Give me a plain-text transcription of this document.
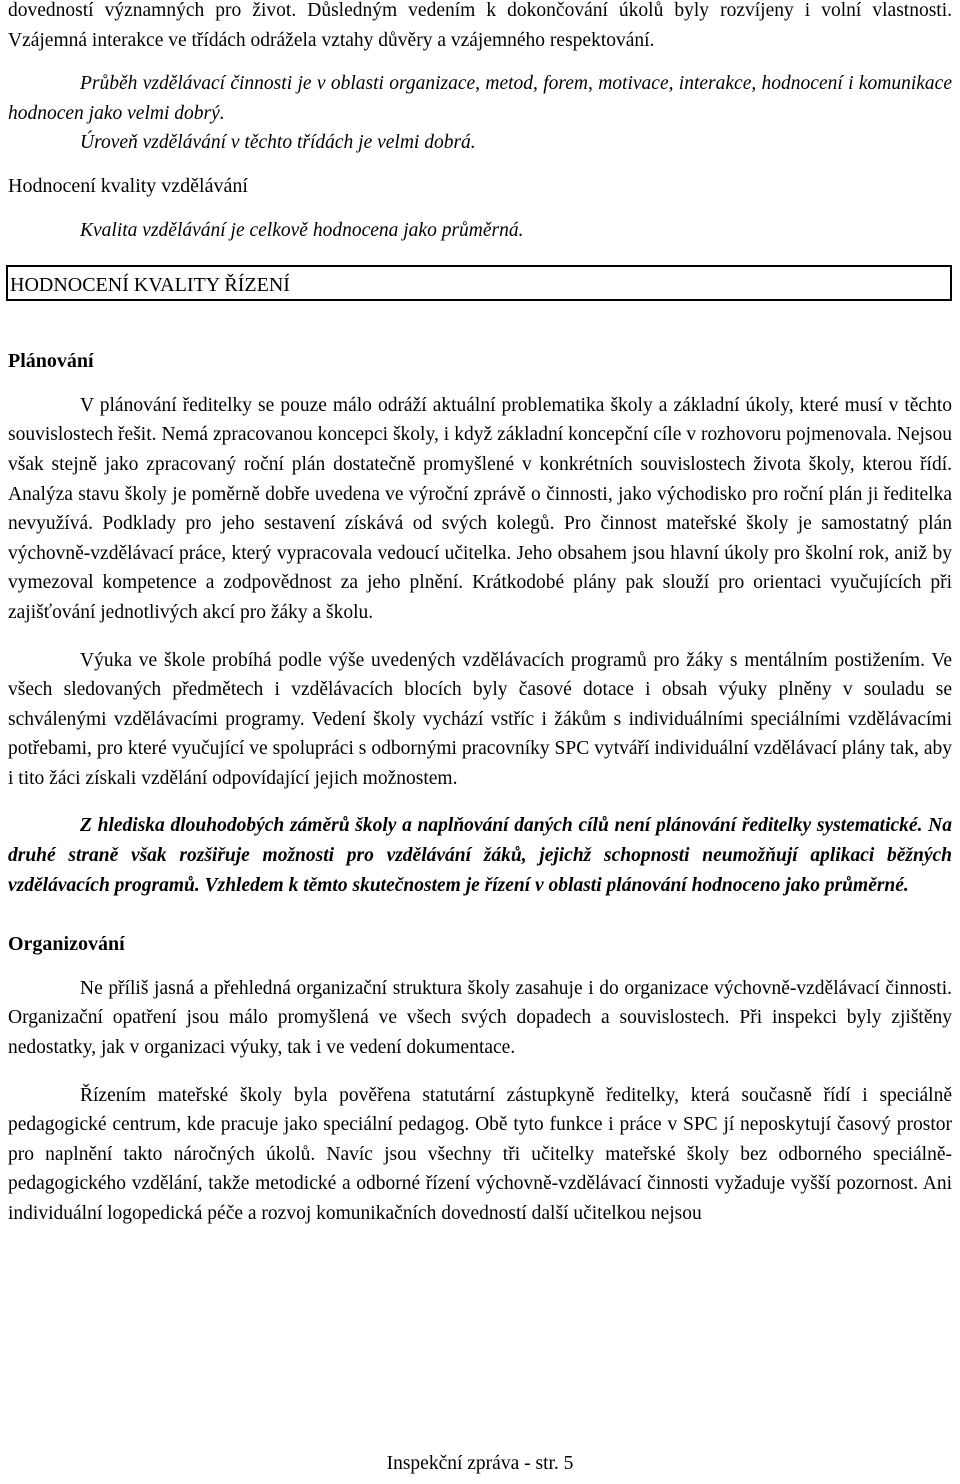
dovedností významných pro život. Důsledným vedením k dokončování úkolů byly rozvíjeny i volní vlastnosti. Vzájemná interakce ve třídách odrážela vztahy důvěry a vzájemného respektování.

Průběh vzdělávací činnosti je v oblasti organizace, metod, forem, motivace, interakce, hodnocení i komunikace hodnocen jako velmi dobrý.

Úroveň vzdělávání v těchto třídách je velmi dobrá.

Hodnocení kvality vzdělávání

Kvalita vzdělávání je celkově hodnocena jako průměrná.

HODNOCENÍ KVALITY ŘÍZENÍ
Plánování

V plánování ředitelky se pouze málo odráží aktuální problematika školy a základní úkoly, které musí v těchto souvislostech řešit. Nemá zpracovanou koncepci školy, i když základní koncepční cíle v rozhovoru pojmenovala. Nejsou však stejně jako zpracovaný roční plán dostatečně promyšlené v konkrétních souvislostech života školy, kterou řídí. Analýza stavu školy je poměrně dobře uvedena ve výroční zprávě o činnosti, jako východisko pro roční plán ji ředitelka nevyužívá. Podklady pro jeho sestavení získává od svých kolegů. Pro činnost mateřské školy je samostatný plán výchovně-vzdělávací práce, který vypracovala vedoucí učitelka. Jeho obsahem jsou hlavní úkoly pro školní rok, aniž by vymezoval kompetence a zodpovědnost za jeho plnění. Krátkodobé plány pak slouží pro orientaci vyučujících při zajišťování jednotlivých akcí pro žáky a školu.

Výuka ve škole probíhá podle výše uvedených vzdělávacích programů pro žáky s mentálním postižením. Ve všech sledovaných předmětech i vzdělávacích blocích byly časové dotace i obsah výuky plněny v souladu se schválenými vzdělávacími programy. Vedení školy vychází vstříc i žákům s individuálními speciálními vzdělávacími potřebami, pro které vyučující ve spolupráci s odbornými pracovníky SPC vytváří individuální vzdělávací plány tak, aby i tito žáci získali vzdělání odpovídající jejich možnostem.

Z hlediska dlouhodobých záměrů školy a naplňování daných cílů není plánování ředitelky systematické. Na druhé straně však rozšiřuje možnosti pro vzdělávání žáků, jejichž schopnosti neumožňují aplikaci běžných vzdělávacích programů. Vzhledem k těmto skutečnostem je řízení v oblasti plánování hodnoceno jako průměrné.

Organizování

Ne příliš jasná a přehledná organizační struktura školy zasahuje i do organizace výchovně-vzdělávací činnosti. Organizační opatření jsou málo promyšlená ve všech svých dopadech a souvislostech. Při inspekci byly zjištěny nedostatky, jak v organizaci výuky, tak i ve vedení dokumentace.

Řízením mateřské školy byla pověřena statutární zástupkyně ředitelky, která současně řídí i speciálně pedagogické centrum, kde pracuje jako speciální pedagog. Obě tyto funkce i práce v SPC jí neposkytují časový prostor pro naplnění takto náročných úkolů. Navíc jsou všechny tři učitelky mateřské školy bez odborného speciálně-pedagogického vzdělání, takže metodické a odborné řízení výchovně-vzdělávací činnosti vyžaduje vyšší pozornost. Ani individuální logopedická péče a rozvoj komunikačních dovedností další učitelkou nejsou

Inspekční zpráva - str. 5
